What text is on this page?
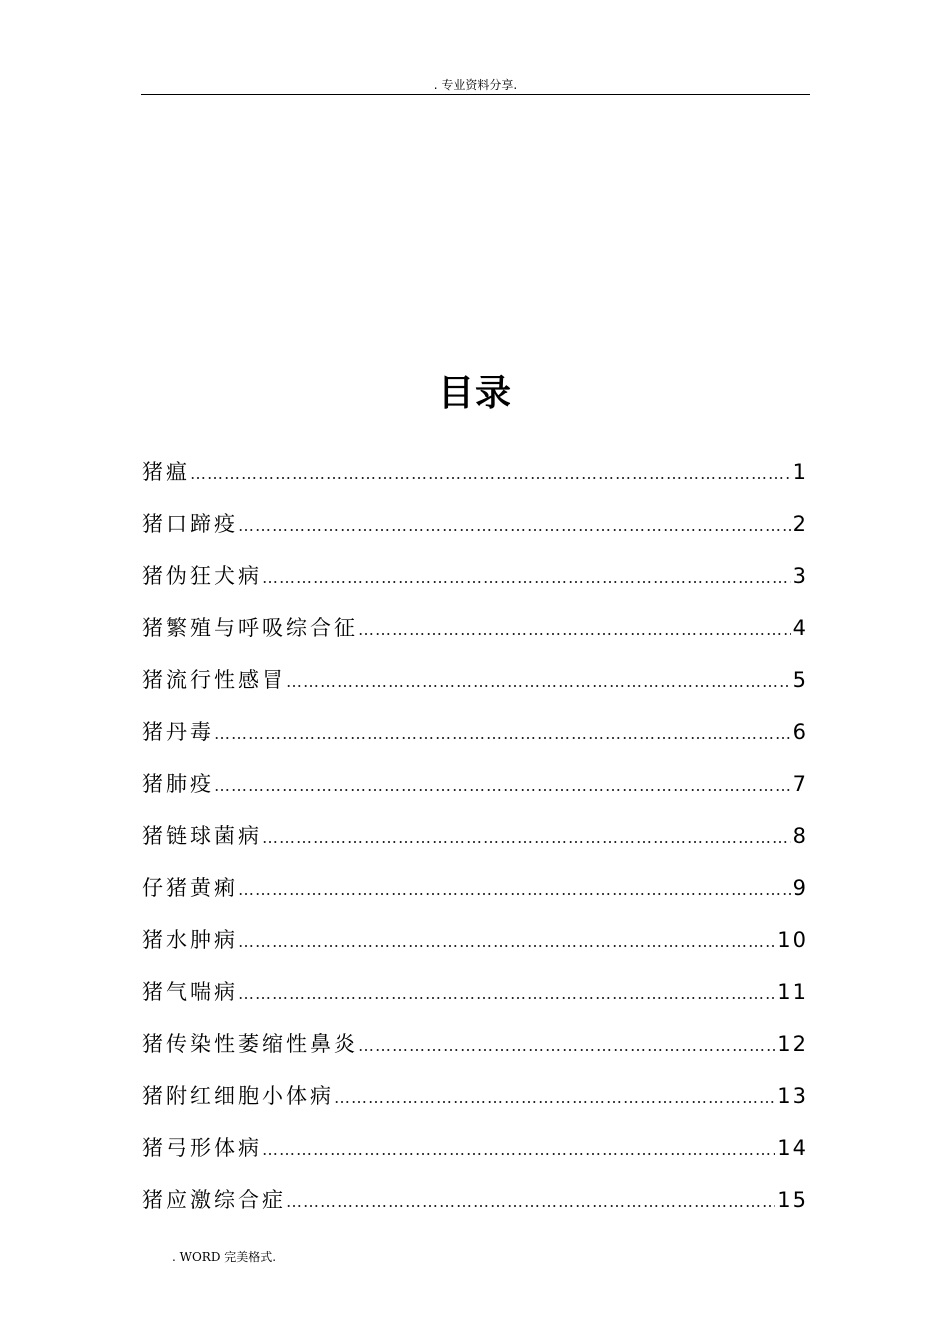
. 专业资料分享.
目录
猪瘟 …………………………………………………………………………………………………………………………………………………………	1
猪口蹄疫 …………………………………………………………………………………………………………………………………………………………	2
猪伪狂犬病 …………………………………………………………………………………………………………………………………………………………	3
猪繁殖与呼吸综合征 …………………………………………………………………………………………………………………………………………………………	4
猪流行性感冒 …………………………………………………………………………………………………………………………………………………………	5
猪丹毒 …………………………………………………………………………………………………………………………………………………………	6
猪肺疫 …………………………………………………………………………………………………………………………………………………………	7
猪链球菌病 …………………………………………………………………………………………………………………………………………………………	8
仔猪黄痢 …………………………………………………………………………………………………………………………………………………………	9
猪水肿病 …………………………………………………………………………………………………………………………………………………………	10
猪气喘病 …………………………………………………………………………………………………………………………………………………………	11
猪传染性萎缩性鼻炎 …………………………………………………………………………………………………………………………………………………………	12
猪附红细胞小体病 …………………………………………………………………………………………………………………………………………………………	13
猪弓形体病 …………………………………………………………………………………………………………………………………………………………	14
猪应激综合症 …………………………………………………………………………………………………………………………………………………………	15
. WORD 完美格式.
